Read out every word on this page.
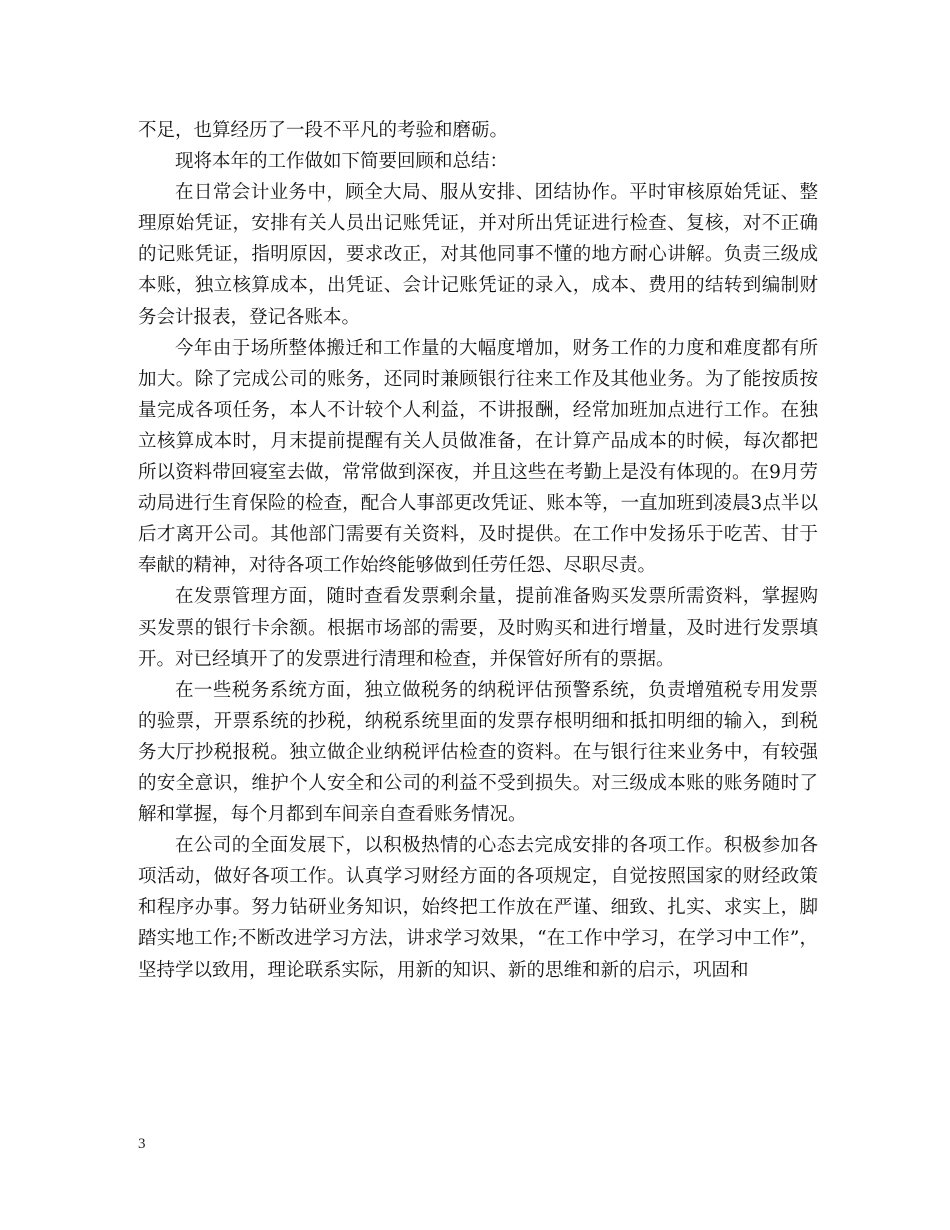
不足，也算经历了一段不平凡的考验和磨砺。

现将本年的工作做如下简要回顾和总结：

在日常会计业务中，顾全大局、服从安排、团结协作。平时审核原始凭证、整理原始凭证，安排有关人员出记账凭证，并对所出凭证进行检查、复核，对不正确的记账凭证，指明原因，要求改正，对其他同事不懂的地方耐心讲解。负责三级成本账，独立核算成本，出凭证、会计记账凭证的录入，成本、费用的结转到编制财务会计报表，登记各账本。

今年由于场所整体搬迁和工作量的大幅度增加，财务工作的力度和难度都有所加大。除了完成公司的账务，还同时兼顾银行往来工作及其他业务。为了能按质按量完成各项任务，本人不计较个人利益，不讲报酬，经常加班加点进行工作。在独立核算成本时，月末提前提醒有关人员做准备，在计算产品成本的时候，每次都把所以资料带回寝室去做，常常做到深夜，并且这些在考勤上是没有体现的。在9月劳动局进行生育保险的检查，配合人事部更改凭证、账本等，一直加班到凌晨3点半以后才离开公司。其他部门需要有关资料，及时提供。在工作中发扬乐于吃苦、甘于奉献的精神，对待各项工作始终能够做到任劳任怨、尽职尽责。

在发票管理方面，随时查看发票剩余量，提前准备购买发票所需资料，掌握购买发票的银行卡余额。根据市场部的需要，及时购买和进行增量，及时进行发票填开。对已经填开了的发票进行清理和检查，并保管好所有的票据。

在一些税务系统方面，独立做税务的纳税评估预警系统，负责增殖税专用发票的验票，开票系统的抄税，纳税系统里面的发票存根明细和抵扣明细的输入，到税务大厅抄税报税。独立做企业纳税评估检查的资料。在与银行往来业务中，有较强的安全意识，维护个人安全和公司的利益不受到损失。对三级成本账的账务随时了解和掌握，每个月都到车间亲自查看账务情况。

在公司的全面发展下，以积极热情的心态去完成安排的各项工作。积极参加各项活动，做好各项工作。认真学习财经方面的各项规定，自觉按照国家的财经政策和程序办事。努力钻研业务知识，始终把工作放在严谨、细致、扎实、求实上，脚踏实地工作;不断改进学习方法，讲求学习效果，“在工作中学习，在学习中工作”，坚持学以致用，理论联系实际，用新的知识、新的思维和新的启示，巩固和

3
